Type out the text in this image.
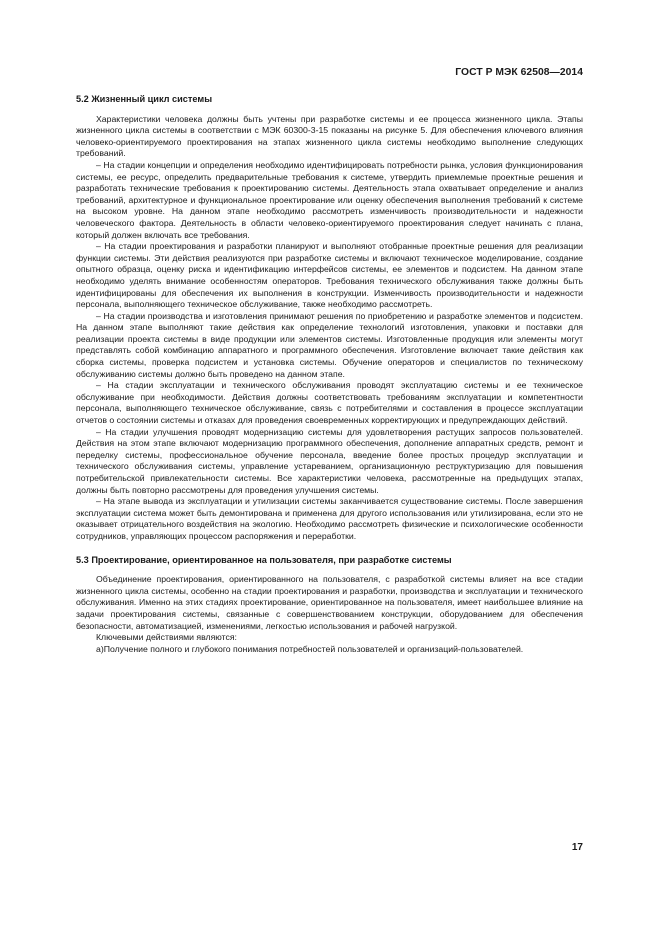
ГОСТ Р МЭК 62508—2014
5.2 Жизненный цикл системы

Характеристики человека должны быть учтены при разработке системы и ее процесса жизненного цикла. Этапы жизненного цикла системы в соответствии с МЭК 60300-3-15 показаны на рисунке 5. Для обеспечения ключевого влияния человеко-ориентируемого проектирования на этапах жизненного цикла системы необходимо выполнение следующих требований.

– На стадии концепции и определения необходимо идентифицировать потребности рынка, условия функционирования системы, ее ресурс, определить предварительные требования к системе, утвердить приемлемые проектные решения и разработать технические требования к проектированию системы. Деятельность этапа охватывает определение и анализ требований, архитектурное и функциональное проектирование или оценку обеспечения выполнения требований к системе на высоком уровне. На данном этапе необходимо рассмотреть изменчивость производительности и надежности человеческого фактора. Деятельность в области человеко-ориентируемого проектирования следует начинать с плана, который должен включать все требования.

– На стадии проектирования и разработки планируют и выполняют отобранные проектные решения для реализации функции системы. Эти действия реализуются при разработке системы и включают техническое моделирование, создание опытного образца, оценку риска и идентификацию интерфейсов системы, ее элементов и подсистем. На данном этапе необходимо уделять внимание особенностям операторов. Требования технического обслуживания также должны быть идентифицированы для обеспечения их выполнения в конструкции. Изменчивость производительности и надежности персонала, выполняющего техническое обслуживание, также необходимо рассмотреть.

– На стадии производства и изготовления принимают решения по приобретению и разработке элементов и подсистем. На данном этапе выполняют такие действия как определение технологий изготовления, упаковки и поставки для реализации проекта системы в виде продукции или элементов системы. Изготовленные продукция или элементы могут представлять собой комбинацию аппаратного и программного обеспечения. Изготовление включает такие действия как сборка системы, проверка подсистем и установка системы. Обучение операторов и специалистов по техническому обслуживанию системы должно быть проведено на данном этапе.

– На стадии эксплуатации и технического обслуживания проводят эксплуатацию системы и ее техническое обслуживание при необходимости. Действия должны соответствовать требованиям эксплуатации и компетентности персонала, выполняющего техническое обслуживание, связь с потребителями и составления в процессе эксплуатации отчетов о состоянии системы и отказах для проведения своевременных корректирующих и предупреждающих действий.

– На стадии улучшения проводят модернизацию системы для удовлетворения растущих запросов пользователей. Действия на этом этапе включают модернизацию программного обеспечения, дополнение аппаратных средств, ремонт и переделку системы, профессиональное обучение персонала, введение более простых процедур эксплуатации и технического обслуживания системы, управление устареванием, организационную реструктуризацию для повышения потребительской привлекательности системы. Все характеристики человека, рассмотренные на предыдущих этапах, должны быть повторно рассмотрены для проведения улучшения системы.

– На этапе вывода из эксплуатации и утилизации системы заканчивается существование системы. После завершения эксплуатации система может быть демонтирована и применена для другого использования или утилизирована, если это не оказывает отрицательного воздействия на экологию. Необходимо рассмотреть физические и психологические особенности сотрудников, управляющих процессом распоряжения и переработки.

5.3 Проектирование, ориентированное на пользователя, при разработке системы

Объединение проектирования, ориентированного на пользователя, с разработкой системы влияет на все стадии жизненного цикла системы, особенно на стадии проектирования и разработки, производства и эксплуатации и технического обслуживания. Именно на этих стадиях проектирование, ориентированное на пользователя, имеет наибольшее влияние на задачи проектирования системы, связанные с совершенствованием конструкции, оборудованием для обеспечения безопасности, автоматизацией, изменениями, легкостью использования и рабочей нагрузкой.

Ключевыми действиями являются:

а)Получение полного и глубокого понимания потребностей пользователей и организаций-пользователей.

17
